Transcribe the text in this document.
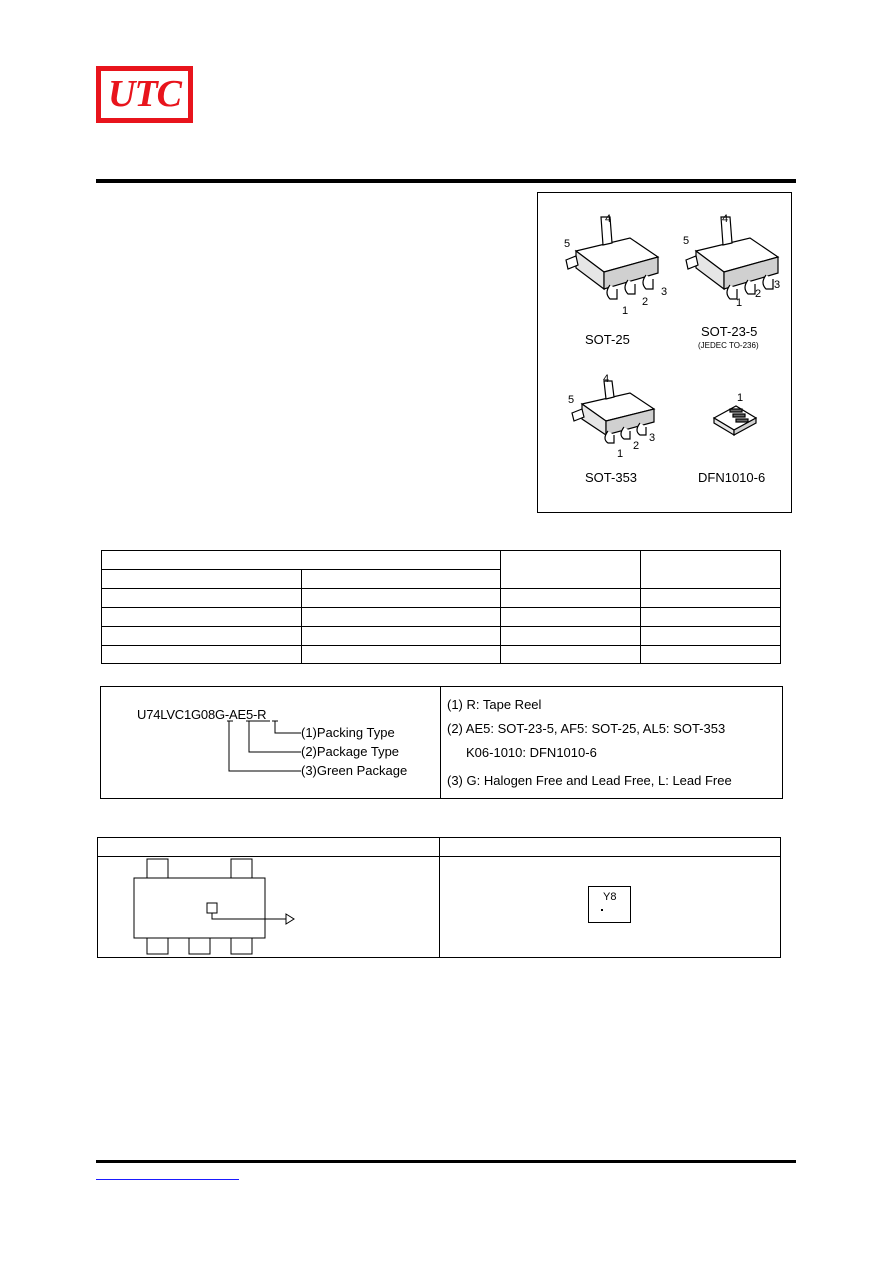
UTC
4
5
1
2
3
SOT-25
4
5
1
2
3
SOT-23-5
(JEDEC TO-236)
4
5
1
2
3
SOT-353
1
DFN1010-6

U74LVC1G08G-AE5-R
(1)Packing Type
(2)Package Type
(3)Green Package
(1) R: Tape Reel
(2) AE5: SOT-23-5, AF5: SOT-25, AL5: SOT-353
K06-1010: DFN1010-6
(3) G: Halogen Free and Lead Free, L: Lead Free
Y8
